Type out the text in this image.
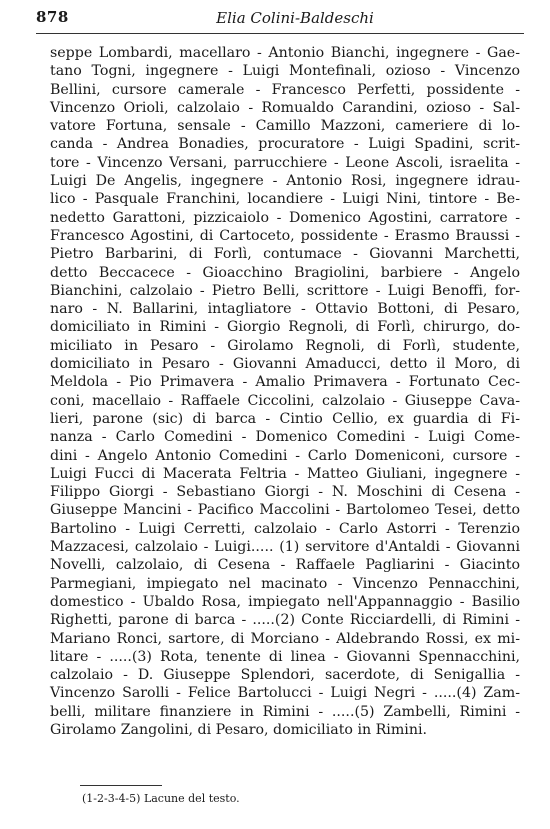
878	Elia Colini-Baldeschi
seppe Lombardi, macellaro - Antonio Bianchi, ingegnere - Gae-
tano Togni, ingegnere - Luigi Montefinali, ozioso - Vincenzo
Bellini, cursore camerale - Francesco Perfetti, possidente -
Vincenzo Orioli, calzolaio - Romualdo Carandini, ozioso - Sal-
vatore Fortuna, sensale - Camillo Mazzoni, cameriere di lo-
canda - Andrea Bonadies, procuratore - Luigi Spadini, scrit-
tore - Vincenzo Versani, parrucchiere - Leone Ascoli, israelita -
Luigi De Angelis, ingegnere - Antonio Rosi, ingegnere idrau-
lico - Pasquale Franchini, locandiere - Luigi Nini, tintore - Be-
nedetto Garattoni, pizzicaiolo - Domenico Agostini, carratore -
Francesco Agostini, di Cartoceto, possidente - Erasmo Braussi -
Pietro Barbarini, di Forlì, contumace - Giovanni Marchetti,
detto Beccacece - Gioacchino Bragiolini, barbiere - Angelo
Bianchini, calzolaio - Pietro Belli, scrittore - Luigi Benoffi, for-
naro - N. Ballarini, intagliatore - Ottavio Bottoni, di Pesaro,
domiciliato in Rimini - Giorgio Regnoli, di Forlì, chirurgo, do-
miciliato in Pesaro - Girolamo Regnoli, di Forlì, studente,
domiciliato in Pesaro - Giovanni Amaducci, detto il Moro, di
Meldola - Pio Primavera - Amalio Primavera - Fortunato Cec-
coni, macellaio - Raffaele Ciccolini, calzolaio - Giuseppe Cava-
lieri, parone (sic) di barca - Cintio Cellio, ex guardia di Fi-
nanza - Carlo Comedini - Domenico Comedini - Luigi Come-
dini - Angelo Antonio Comedini - Carlo Domeniconi, cursore -
Luigi Fucci di Macerata Feltria - Matteo Giuliani, ingegnere -
Filippo Giorgi - Sebastiano Giorgi - N. Moschini di Cesena -
Giuseppe Mancini - Pacifico Maccolini - Bartolomeo Tesei, detto
Bartolino - Luigi Cerretti, calzolaio - Carlo Astorri - Terenzio
Mazzacesi, calzolaio - Luigi..... (1) servitore d'Antaldi - Giovanni
Novelli, calzolaio, di Cesena - Raffaele Pagliarini - Giacinto
Parmegiani, impiegato nel macinato - Vincenzo Pennacchini,
domestico - Ubaldo Rosa, impiegato nell'Appannaggio - Basilio
Righetti, parone di barca - .....(2) Conte Ricciardelli, di Rimini -
Mariano Ronci, sartore, di Morciano - Aldebrando Rossi, ex mi-
litare - .....(3) Rota, tenente di linea - Giovanni Spennacchini,
calzolaio - D. Giuseppe Splendori, sacerdote, di Senigallia -
Vincenzo Sarolli - Felice Bartolucci - Luigi Negri - .....(4) Zam-
belli, militare finanziere in Rimini - .....(5) Zambelli, Rimini -
Girolamo Zangolini, di Pesaro, domiciliato in Rimini.
(1-2-3-4-5) Lacune del testo.
